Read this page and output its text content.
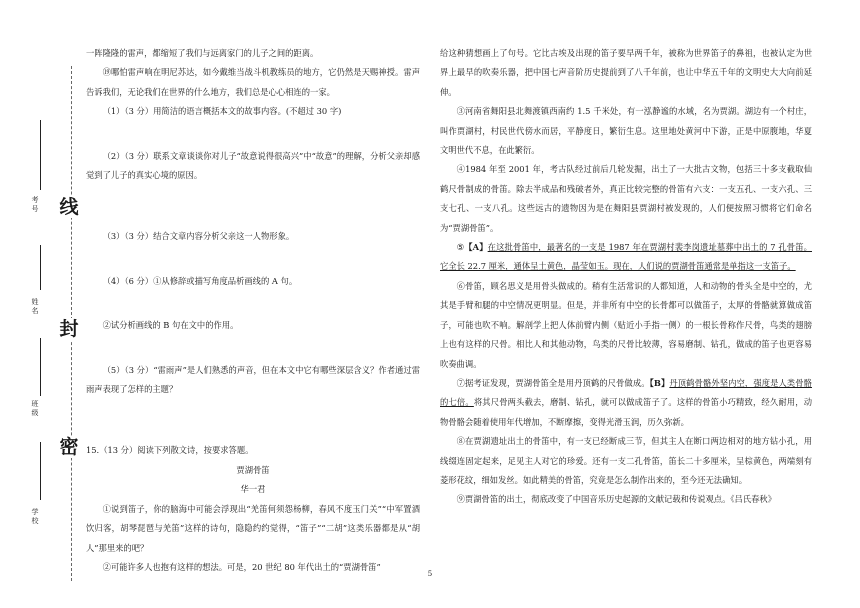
考号
姓名
班级
学校
线
封
密

一阵隆隆的雷声，都缩短了我们与远离家门的儿子之间的距离。

⑲哪怕雷声响在明尼苏达，如今戴维当战斗机教练员的地方，它仍然是天赐神授。雷声告诉我们，无论我们在世界的什么地方，我们总是心心相连的一家。

（1）（3 分）用简洁的语言概括本文的故事内容。(不超过 30 字)

（2）（3 分）联系文章谈谈你对儿子“故意说得很高兴”中“故意”的理解，分析父亲却感觉到了儿子的真实心境的原因。

（3）（3 分）结合文章内容分析父亲这一人物形象。

（4）（6 分）①从修辞或描写角度品析画线的 A 句。

②试分析画线的 B 句在文中的作用。

（5）（3 分）“雷雨声”是人们熟悉的声音，但在本文中它有哪些深层含义？作者通过雷雨声表现了怎样的主题？

15.（13 分）阅读下列散文诗，按要求答题。

贾湖骨笛

华一君

①说到笛子，你的脑海中可能会浮现出“羌笛何须怨杨柳，春风不度玉门关”“中军置酒饮归客，胡琴琵琶与羌笛”这样的诗句，隐隐约约觉得，“笛子”“二胡”这类乐器都是从“胡人”那里来的吧？

②可能许多人也抱有这样的想法。可是，20 世纪 80 年代出土的“贾湖骨笛”

给这种猜想画上了句号。它比古埃及出现的笛子要早两千年，被称为世界笛子的鼻祖，也被认定为世界上最早的吹奏乐器，把中国七声音阶历史提前到了八千年前，也让中华五千年的文明史大大向前延伸。

③河南省舞阳县北舞渡镇西南约 1.5 千米处，有一泓静谧的水域，名为贾湖。湖边有一个村庄，叫作贾湖村，村民世代傍水而居，平静度日，繁衍生息。这里地处黄河中下游，正是中原腹地，华夏文明世代不息，在此繁衍。

④1984 年至 2001 年，考古队经过前后几轮发掘，出土了一大批古文物，包括三十多支截取仙鹤尺骨制成的骨笛。除去半成品和残破者外，真正比较完整的骨笛有六支：一支五孔、一支六孔、三支七孔、一支八孔。这些远古的遗物因为是在舞阳县贾湖村被发现的，人们便按照习惯将它们命名为“贾湖骨笛”。

⑤【A】在这批骨笛中，最著名的一支是 1987 年在贾湖村裴李岗遗址墓葬中出土的 7 孔骨笛。它全长 22.7 厘米，通体呈土黄色，晶莹如玉。现在，人们说的贾湖骨笛通常是单指这一支笛子。

⑥骨笛，顾名思义是用骨头做成的。稍有生活常识的人都知道，人和动物的骨头全是中空的，尤其是手臂和腿的中空情况更明显。但是，并非所有中空的长骨都可以做笛子，太厚的骨骼就算做成笛子，可能也吹不响。解剖学上把人体前臂内侧（贴近小手指一侧）的一根长骨称作尺骨，鸟类的翅膀上也有这样的尺骨。相比人和其他动物，鸟类的尺骨比较薄，容易磨制、钻孔，做成的笛子也更容易吹奏曲调。

⑦据考证发现，贾湖骨笛全是用丹顶鹤的尺骨做成。【B】丹顶鹤骨骼外坚内空，强度是人类骨骼的七倍。将其尺骨两头截去，磨制、钻孔，就可以做成笛子了。这样的骨笛小巧精致，经久耐用，动物骨骼会随着使用年代增加，不断摩擦，变得光滑玉润，历久弥新。

⑧在贾湖遗址出土的骨笛中，有一支已经断成三节，但其主人在断口两边相对的地方钻小孔，用线缀连固定起来，足见主人对它的珍爱。还有一支二孔骨笛，笛长二十多厘米，呈棕黄色，两端刻有菱形花纹，细如发丝。如此精美的骨笛，究竟是怎么制作出来的，至今还无法确知。

⑨贾湖骨笛的出土，彻底改变了中国音乐历史起源的文献记载和传说观点。《吕氏春秋》

5
